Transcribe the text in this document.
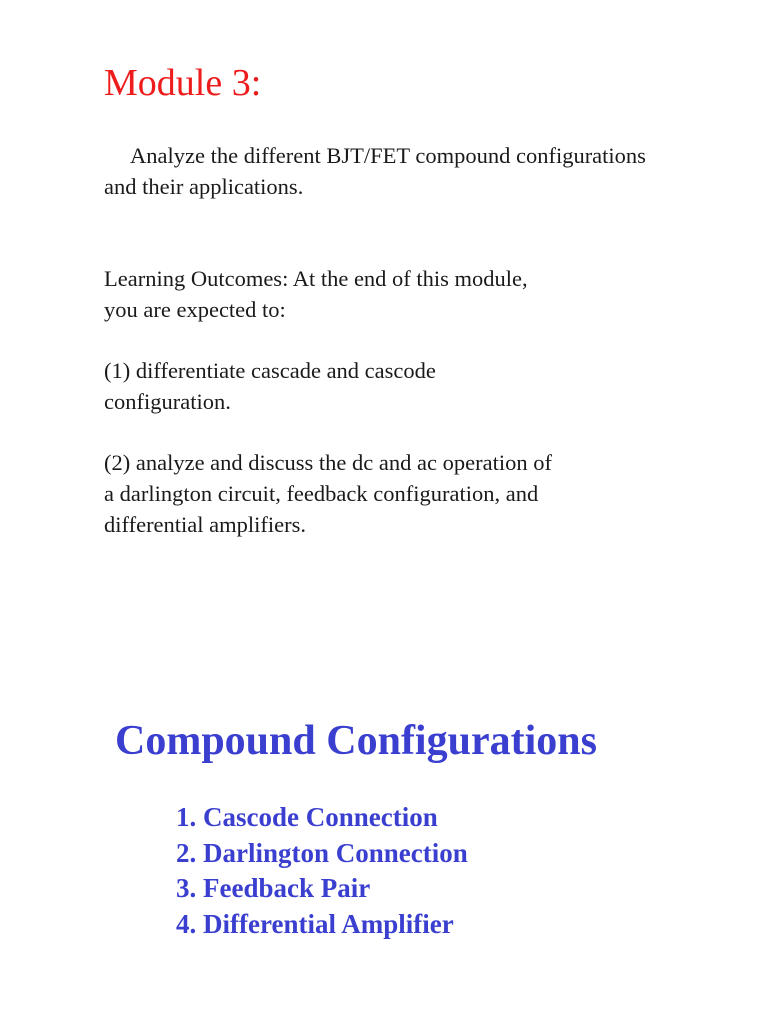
Module 3:

Analyze the different BJT/FET compound configurations and their applications.

Learning Outcomes: At the end of this module,
you are expected to:

(1) differentiate cascade and cascode
configuration.

(2) analyze and discuss the dc and ac operation of
a darlington circuit, feedback configuration, and
differential amplifiers.

Compound Configurations
1. Cascode Connection
2. Darlington Connection
3. Feedback Pair
4. Differential Amplifier
